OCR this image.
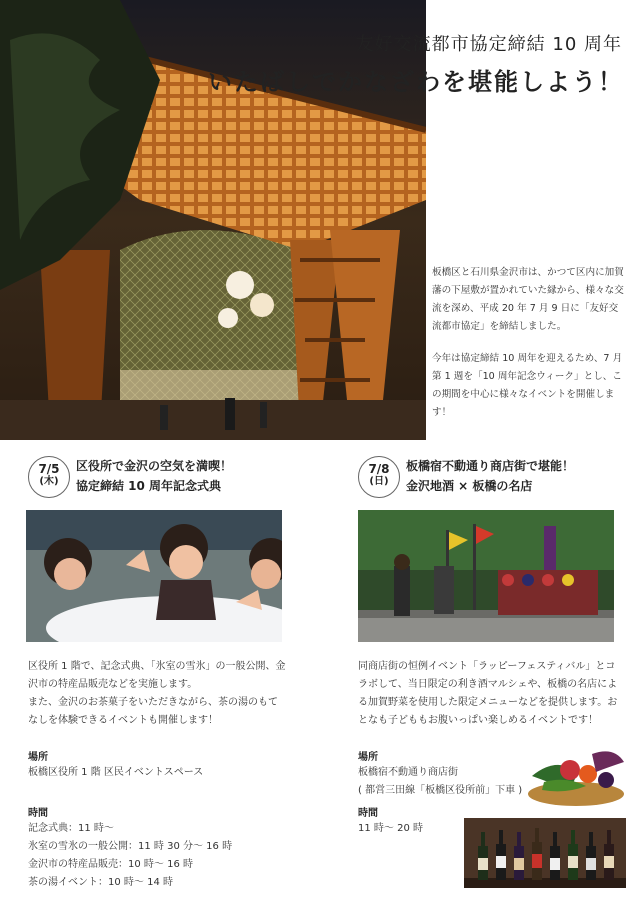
友好交流都市協定締結 10 周年
いたばしでかなざわを堪能しよう！

板橋区と石川県金沢市は、かつて区内に加賀藩の下屋敷が置かれていた縁から、様々な交流を深め、平成 20 年 7 月 9 日に「友好交流都市協定」を締結しました。

今年は協定締結 10 周年を迎えるため、7 月第 1 週を「10 周年記念ウィーク」とし、この期間を中心に様々なイベントを開催します！

7/5
(木)
区役所で金沢の空気を満喫！
協定締結 10 周年記念式典
区役所 1 階で、記念式典、「氷室の雪氷」の一般公開、金沢市の特産品販売などを実施します。
また、金沢のお茶菓子をいただきながら、茶の湯のもてなしを体験できるイベントも開催します！
場所
板橋区役所 1 階 区民イベントスペース
時間
記念式典：11 時〜
氷室の雪氷の一般公開：11 時 30 分〜 16 時
金沢市の特産品販売：10 時〜 16 時
茶の湯イベント：10 時〜 14 時
7/8
(日)
板橋宿不動通り商店街で堪能！
金沢地酒 × 板橋の名店
同商店街の恒例イベント「ラッピーフェスティバル」とコラボして、当日限定の利き酒マルシェや、板橋の名店による加賀野菜を使用した限定メニューなどを提供します。おとなも子どももお腹いっぱい楽しめるイベントです！
場所
板橋宿不動通り商店街
( 都営三田線「板橋区役所前」下車 )
時間
11 時〜 20 時
